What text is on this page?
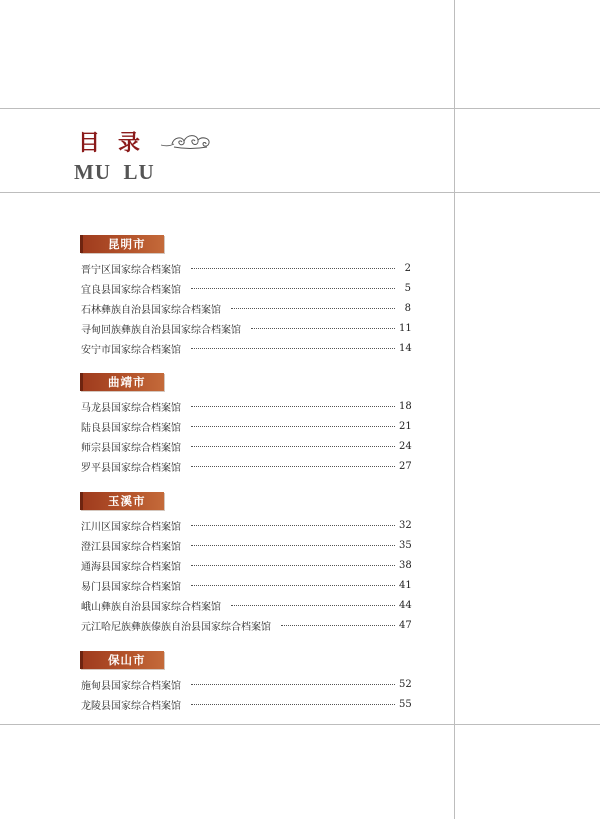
目录
MU  LU
昆明市
晋宁区国家综合档案馆	2
宜良县国家综合档案馆	5
石林彝族自治县国家综合档案馆	8
寻甸回族彝族自治县国家综合档案馆	11
安宁市国家综合档案馆	14
曲靖市
马龙县国家综合档案馆	18
陆良县国家综合档案馆	21
师宗县国家综合档案馆	24
罗平县国家综合档案馆	27
玉溪市
江川区国家综合档案馆	32
澄江县国家综合档案馆	35
通海县国家综合档案馆	38
易门县国家综合档案馆	41
峨山彝族自治县国家综合档案馆	44
元江哈尼族彝族傣族自治县国家综合档案馆	47
保山市
施甸县国家综合档案馆	52
龙陵县国家综合档案馆	55
